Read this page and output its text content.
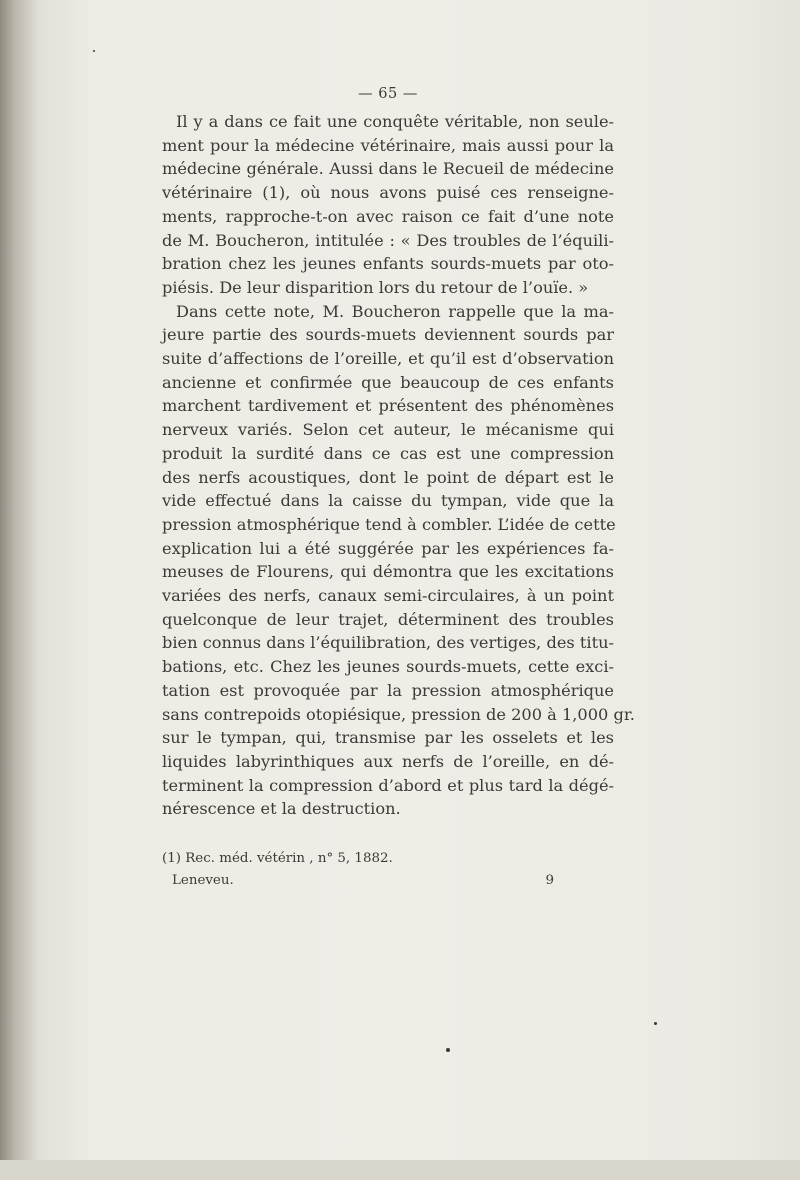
— 65 —

Il y a dans ce fait une conquête véritable, non seule-
ment pour la médecine vétérinaire, mais aussi pour la
médecine générale. Aussi dans le Recueil de médecine
vétérinaire (1), où nous avons puisé ces renseigne-
ments, rapproche-t-on avec raison ce fait d’une note
de M. Boucheron, intitulée : « Des troubles de l’équili-
bration chez les jeunes enfants sourds-muets par oto-
piésis. De leur disparition lors du retour de l’ouïe. »

Dans cette note, M. Boucheron rappelle que la ma-
jeure partie des sourds-muets deviennent sourds par
suite d’affections de l’oreille, et qu’il est d’observation
ancienne et confirmée que beaucoup de ces enfants
marchent tardivement et présentent des phénomènes
nerveux variés. Selon cet auteur, le mécanisme qui
produit la surdité dans ce cas est une compression
des nerfs acoustiques, dont le point de départ est le
vide effectué dans la caisse du tympan, vide que la
pression atmosphérique tend à combler. L’idée de cette
explication lui a été suggérée par les expériences fa-
meuses de Flourens, qui démontra que les excitations
variées des nerfs, canaux semi-circulaires, à un point
quelconque de leur trajet, déterminent des troubles
bien connus dans l’équilibration, des vertiges, des titu-
bations, etc. Chez les jeunes sourds-muets, cette exci-
tation est provoquée par la pression atmosphérique
sans contrepoids otopiésique, pression de 200 à 1,000 gr.
sur le tympan, qui, transmise par les osselets et les
liquides labyrinthiques aux nerfs de l’oreille, en dé-
terminent la compression d’abord et plus tard la dégé-
nérescence et la destruction.

(1) Rec. méd. vétérin , n° 5, 1882.
Leneveu.	9
